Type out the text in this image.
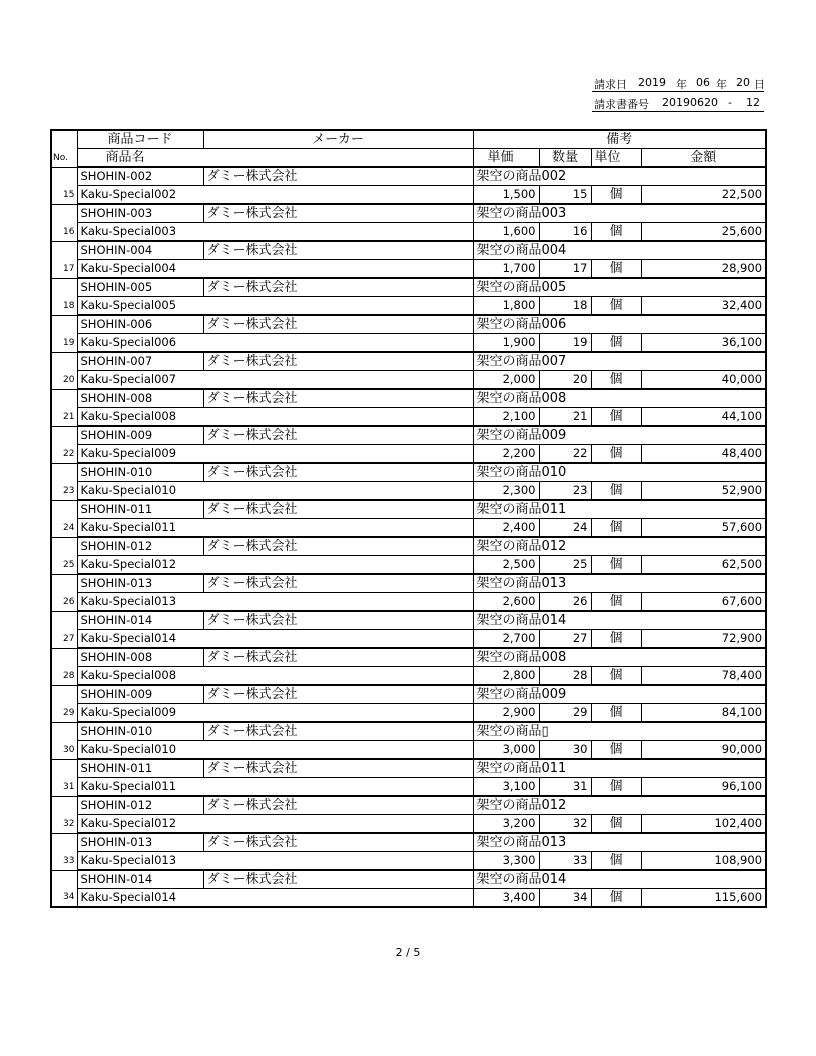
請求日 2019 年 06 年 20 日
請求書番号 20190620 - 12
No.	商品コード	メーカー	備考			
	商品名		単価	数量	単位	金額
15	SHOHIN-002	ダミー株式会社	架空の商品002			
	Kaku-Special002		1,500	15	個	22,500
16	SHOHIN-003	ダミー株式会社	架空の商品003			
	Kaku-Special003		1,600	16	個	25,600
17	SHOHIN-004	ダミー株式会社	架空の商品004			
	Kaku-Special004		1,700	17	個	28,900
18	SHOHIN-005	ダミー株式会社	架空の商品005			
	Kaku-Special005		1,800	18	個	32,400
19	SHOHIN-006	ダミー株式会社	架空の商品006			
	Kaku-Special006		1,900	19	個	36,100
20	SHOHIN-007	ダミー株式会社	架空の商品007			
	Kaku-Special007		2,000	20	個	40,000
21	SHOHIN-008	ダミー株式会社	架空の商品008			
	Kaku-Special008		2,100	21	個	44,100
22	SHOHIN-009	ダミー株式会社	架空の商品009			
	Kaku-Special009		2,200	22	個	48,400
23	SHOHIN-010	ダミー株式会社	架空の商品010			
	Kaku-Special010		2,300	23	個	52,900
24	SHOHIN-011	ダミー株式会社	架空の商品011			
	Kaku-Special011		2,400	24	個	57,600
25	SHOHIN-012	ダミー株式会社	架空の商品012			
	Kaku-Special012		2,500	25	個	62,500
26	SHOHIN-013	ダミー株式会社	架空の商品013			
	Kaku-Special013		2,600	26	個	67,600
27	SHOHIN-014	ダミー株式会社	架空の商品014			
	Kaku-Special014		2,700	27	個	72,900
28	SHOHIN-008	ダミー株式会社	架空の商品008			
	Kaku-Special008		2,800	28	個	78,400
29	SHOHIN-009	ダミー株式会社	架空の商品009			
	Kaku-Special009		2,900	29	個	84,100
30	SHOHIN-010	ダミー株式会社	架空の商品▯			
	Kaku-Special010		3,000	30	個	90,000
31	SHOHIN-011	ダミー株式会社	架空の商品011			
	Kaku-Special011		3,100	31	個	96,100
32	SHOHIN-012	ダミー株式会社	架空の商品012			
	Kaku-Special012		3,200	32	個	102,400
33	SHOHIN-013	ダミー株式会社	架空の商品013			
	Kaku-Special013		3,300	33	個	108,900
34	SHOHIN-014	ダミー株式会社	架空の商品014			
	Kaku-Special014		3,400	34	個	115,600
2 / 5
